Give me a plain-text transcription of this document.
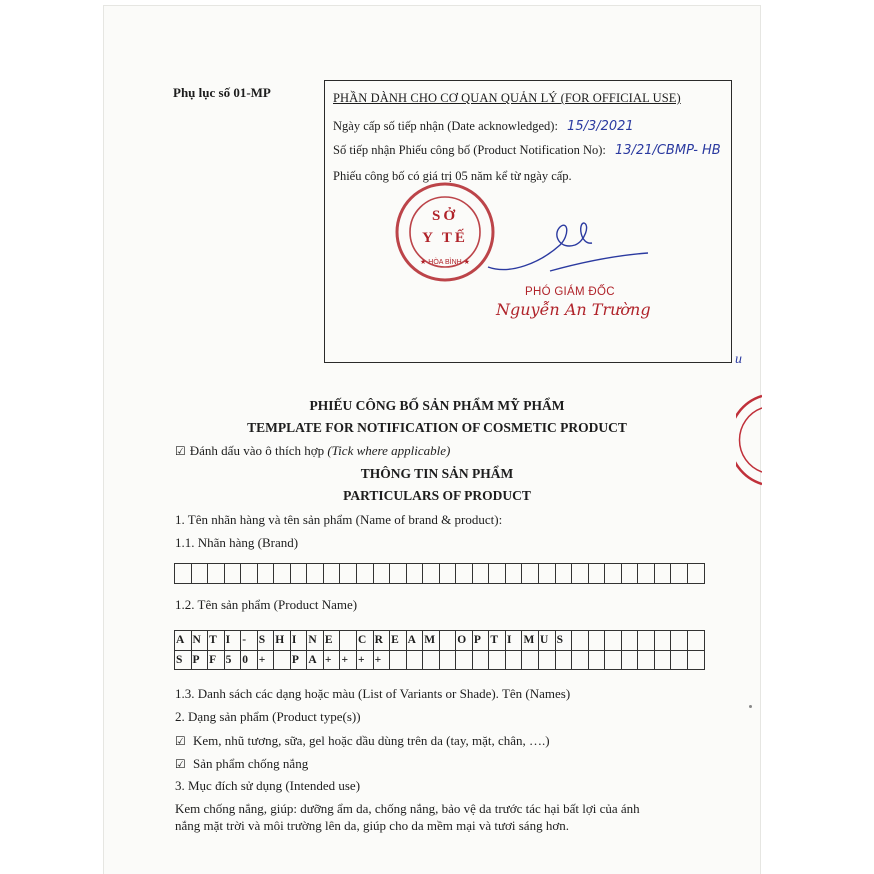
Phụ lục số 01-MP	PHẦN DÀNH CHO CƠ QUAN QUẢN LÝ (FOR OFFICIAL USE)
Ngày cấp số tiếp nhận (Date acknowledged): 15/3/2021
Số tiếp nhận Phiếu công bố (Product Notification No): 13/21/CBMP- HB
Phiếu công bố có giá trị 05 năm kể từ ngày cấp.
SỞ
Y TẾ
★ HÒA BÌNH ★
PHÓ GIÁM ĐỐC
Nguyễn An Trường
u
PHIẾU CÔNG BỐ SẢN PHẨM MỸ PHẨM
TEMPLATE FOR NOTIFICATION OF COSMETIC PRODUCT
☑ Đánh dấu vào ô thích hợp (Tick where applicable)
THÔNG TIN SẢN PHẨM
PARTICULARS OF PRODUCT
1. Tên nhãn hàng và tên sản phẩm (Name of brand & product):
1.1. Nhãn hàng (Brand)

1.2. Tên sản phẩm (Product Name)
A	N	T	I	-	S	H	I	N	E		C	R	E	A	M		O	P	T	I	M	U	S								
S	P	F	5	0	+		P	A	+	+	+	+																			
1.3. Danh sách các dạng hoặc màu (List of Variants or Shade). Tên (Names)
2. Dạng sản phẩm (Product type(s))
☑ Kem, nhũ tương, sữa, gel hoặc dầu dùng trên da (tay, mặt, chân, ….)
☑ Sản phẩm chống nắng
3. Mục đích sử dụng (Intended use)
Kem chống nắng, giúp: dưỡng ẩm da, chống nắng, bảo vệ da trước tác hại bất lợi của ánh
nắng mặt trời và môi trường lên da, giúp cho da mềm mại và tươi sáng hơn.
